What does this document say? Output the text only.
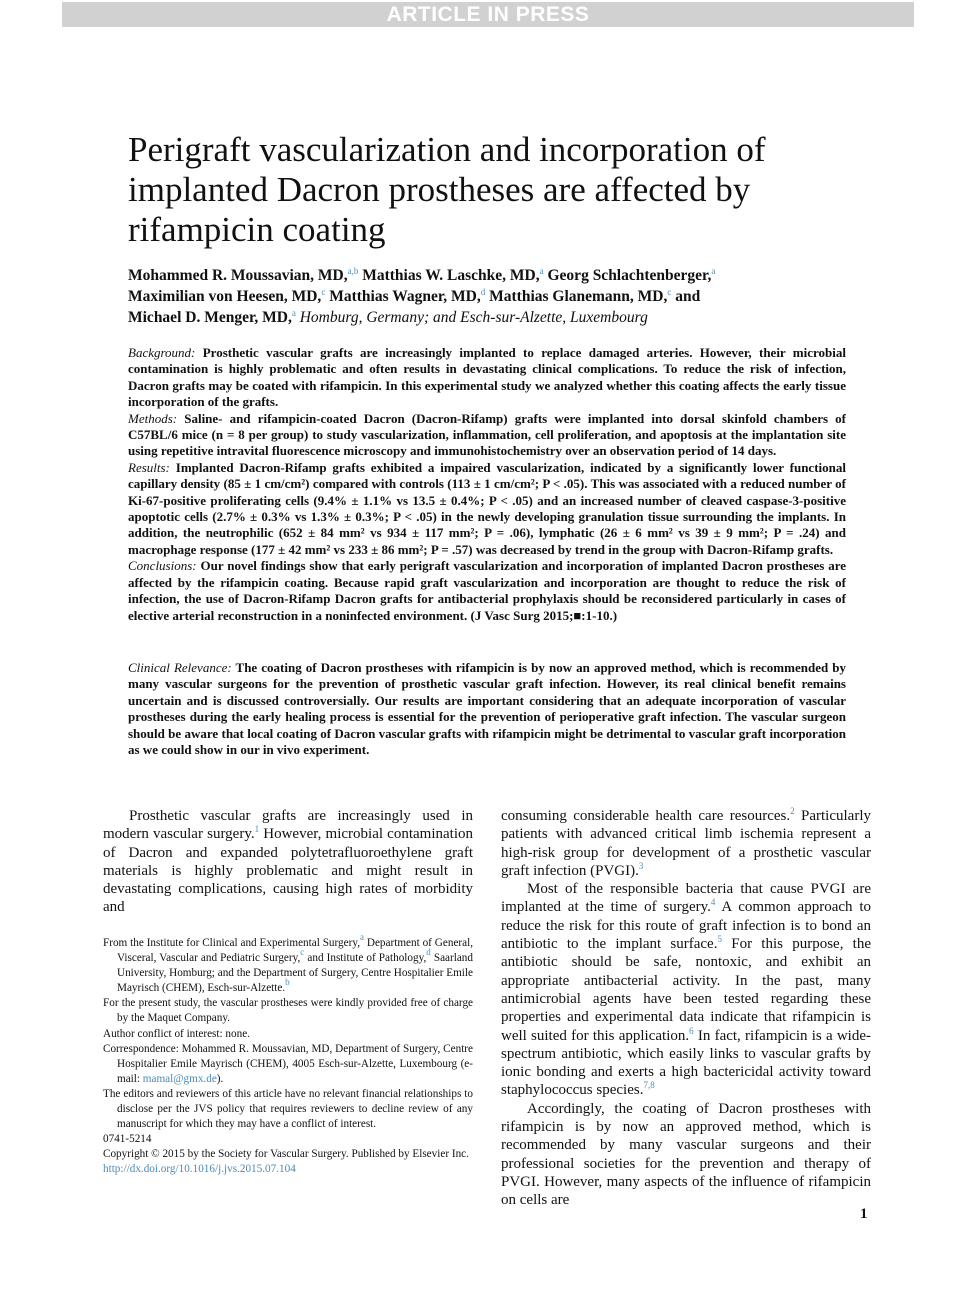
ARTICLE IN PRESS
Perigraft vascularization and incorporation of implanted Dacron prostheses are affected by rifampicin coating
Mohammed R. Moussavian, MD,$^{a,b}$ Matthias W. Laschke, MD,$^a$ Georg Schlachtenberger,$^a$
Maximilian von Heesen, MD,$^c$ Matthias Wagner, MD,$^d$ Matthias Glanemann, MD,$^c$ and
Michael D. Menger, MD,$^a$ Homburg, Germany; and Esch-sur-Alzette, Luxembourg

Background: Prosthetic vascular grafts are increasingly implanted to replace damaged arteries. However, their microbial contamination is highly problematic and often results in devastating clinical complications. To reduce the risk of infection, Dacron grafts may be coated with rifampicin. In this experimental study we analyzed whether this coating affects the early tissue incorporation of the grafts.

Methods: Saline- and rifampicin-coated Dacron (Dacron-Rifamp) grafts were implanted into dorsal skinfold chambers of C57BL/6 mice (n = 8 per group) to study vascularization, inflammation, cell proliferation, and apoptosis at the implantation site using repetitive intravital fluorescence microscopy and immunohistochemistry over an observation period of 14 days.

Results: Implanted Dacron-Rifamp grafts exhibited a impaired vascularization, indicated by a significantly lower functional capillary density (85 ± 1 cm/cm²) compared with controls (113 ± 1 cm/cm²; P < .05). This was associated with a reduced number of Ki-67-positive proliferating cells (9.4% ± 1.1% vs 13.5 ± 0.4%; P < .05) and an increased number of cleaved caspase-3-positive apoptotic cells (2.7% ± 0.3% vs 1.3% ± 0.3%; P < .05) in the newly developing granulation tissue surrounding the implants. In addition, the neutrophilic (652 ± 84 mm² vs 934 ± 117 mm²; P = .06), lymphatic (26 ± 6 mm² vs 39 ± 9 mm²; P = .24) and macrophage response (177 ± 42 mm² vs 233 ± 86 mm²; P = .57) was decreased by trend in the group with Dacron-Rifamp grafts.

Conclusions: Our novel findings show that early perigraft vascularization and incorporation of implanted Dacron prostheses are affected by the rifampicin coating. Because rapid graft vascularization and incorporation are thought to reduce the risk of infection, the use of Dacron-Rifamp Dacron grafts for antibacterial prophylaxis should be reconsidered particularly in cases of elective arterial reconstruction in a noninfected environment. (J Vasc Surg 2015;■:1-10.)

Clinical Relevance: The coating of Dacron prostheses with rifampicin is by now an approved method, which is recommended by many vascular surgeons for the prevention of prosthetic vascular graft infection. However, its real clinical benefit remains uncertain and is discussed controversially. Our results are important considering that an adequate incorporation of vascular prostheses during the early healing process is essential for the prevention of perioperative graft infection. The vascular surgeon should be aware that local coating of Dacron vascular grafts with rifampicin might be detrimental to vascular graft incorporation as we could show in our in vivo experiment.

Prosthetic vascular grafts are increasingly used in modern vascular surgery.$^1$ However, microbial contamination of Dacron and expanded polytetrafluoroethylene graft materials is highly problematic and might result in devastating complications, causing high rates of morbidity and

From the Institute for Clinical and Experimental Surgery,$^a$ Department of General, Visceral, Vascular and Pediatric Surgery,$^c$ and Institute of Pathology,$^d$ Saarland University, Homburg; and the Department of Surgery, Centre Hospitalier Emile Mayrisch (CHEM), Esch-sur-Alzette.$^b$

For the present study, the vascular prostheses were kindly provided free of charge by the Maquet Company.

Author conflict of interest: none.

Correspondence: Mohammed R. Moussavian, MD, Department of Surgery, Centre Hospitalier Emile Mayrisch (CHEM), 4005 Esch-sur-Alzette, Luxembourg (e-mail: mamal@gmx.de).

The editors and reviewers of this article have no relevant financial relationships to disclose per the JVS policy that requires reviewers to decline review of any manuscript for which they may have a conflict of interest.

0741-5214

Copyright © 2015 by the Society for Vascular Surgery. Published by Elsevier Inc.

http://dx.doi.org/10.1016/j.jvs.2015.07.104

consuming considerable health care resources.$^2$ Particularly patients with advanced critical limb ischemia represent a high-risk group for development of a prosthetic vascular graft infection (PVGI).$^3$

Most of the responsible bacteria that cause PVGI are implanted at the time of surgery.$^4$ A common approach to reduce the risk for this route of graft infection is to bond an antibiotic to the implant surface.$^5$ For this purpose, the antibiotic should be safe, nontoxic, and exhibit an appropriate antibacterial activity. In the past, many antimicrobial agents have been tested regarding these properties and experimental data indicate that rifampicin is well suited for this application.$^6$ In fact, rifampicin is a wide-spectrum antibiotic, which easily links to vascular grafts by ionic bonding and exerts a high bactericidal activity toward staphylococcus species.$^{7,8}$

Accordingly, the coating of Dacron prostheses with rifampicin is by now an approved method, which is recommended by many vascular surgeons and their professional societies for the prevention and therapy of PVGI. However, many aspects of the influence of rifampicin on cells are

1
